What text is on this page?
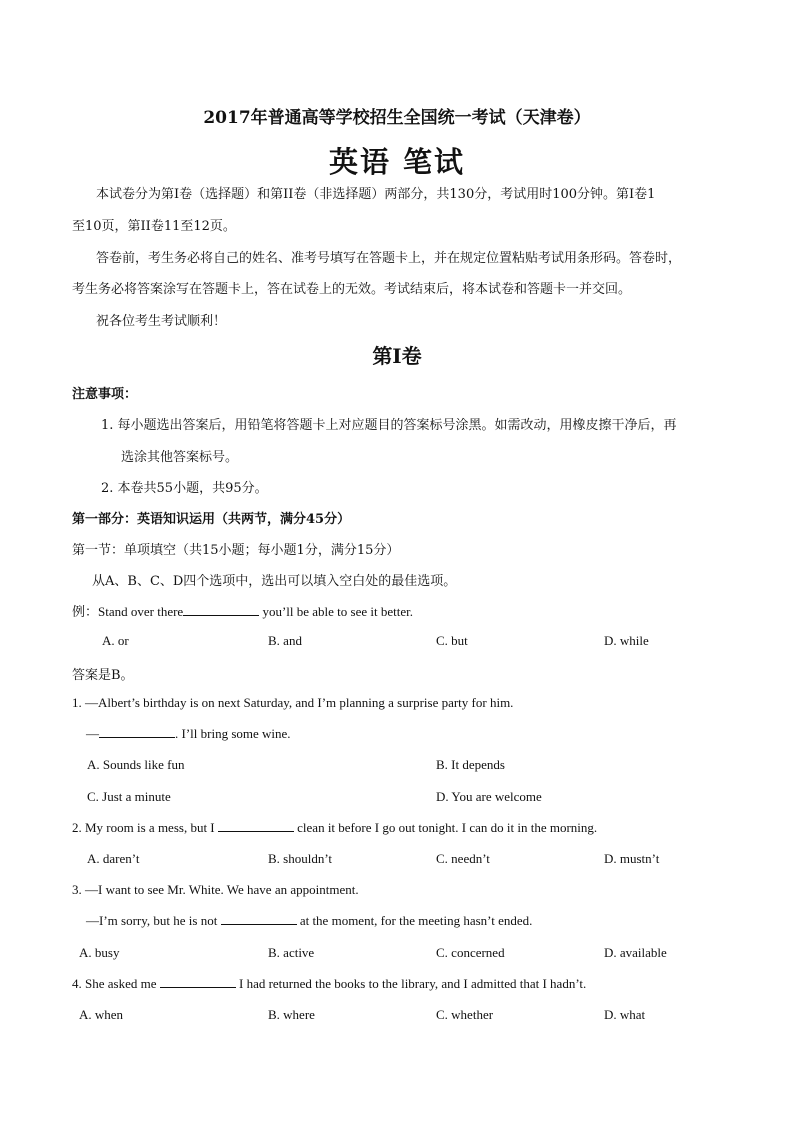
2017年普通高等学校招生全国统一考试（天津卷）
英语 笔试
本试卷分为第I卷（选择题）和第II卷（非选择题）两部分，共130分，考试用时100分钟。第I卷1
至10页，第II卷11至12页。
答卷前，考生务必将自己的姓名、准考号填写在答题卡上，并在规定位置粘贴考试用条形码。答卷时，
考生务必将答案涂写在答题卡上，答在试卷上的无效。考试结束后，将本试卷和答题卡一并交回。
祝各位考生考试顺利！
第I卷
注意事项：
1. 每小题选出答案后，用铅笔将答题卡上对应题目的答案标号涂黑。如需改动，用橡皮擦干净后，再
选涂其他答案标号。
2. 本卷共55小题，共95分。
第一部分：英语知识运用（共两节，满分45分）
第一节：单项填空（共15小题；每小题1分，满分15分）
从A、B、C、D四个选项中，选出可以填入空白处的最佳选项。
例：Stand over there	you’ll be able to see it better.
A. or	B. and	C. but	D. while
答案是B。
1. —Albert’s birthday is on next Saturday, and I’m planning a surprise party for him.
—	. I’ll bring some wine.
A. Sounds like fun	B. It depends
C. Just a minute	D. You are welcome
2. My room is a mess, but I	clean it before I go out tonight. I can do it in the morning.
A. daren’t	B. shouldn’t	C. needn’t	D. mustn’t
3. —I want to see Mr. White. We have an appointment.
—I’m sorry, but he is not	at the moment, for the meeting hasn’t ended.
A. busy	B. active	C. concerned	D. available
4. She asked me	I had returned the books to the library, and I admitted that I hadn’t.
A. when	B. where	C. whether	D. what
